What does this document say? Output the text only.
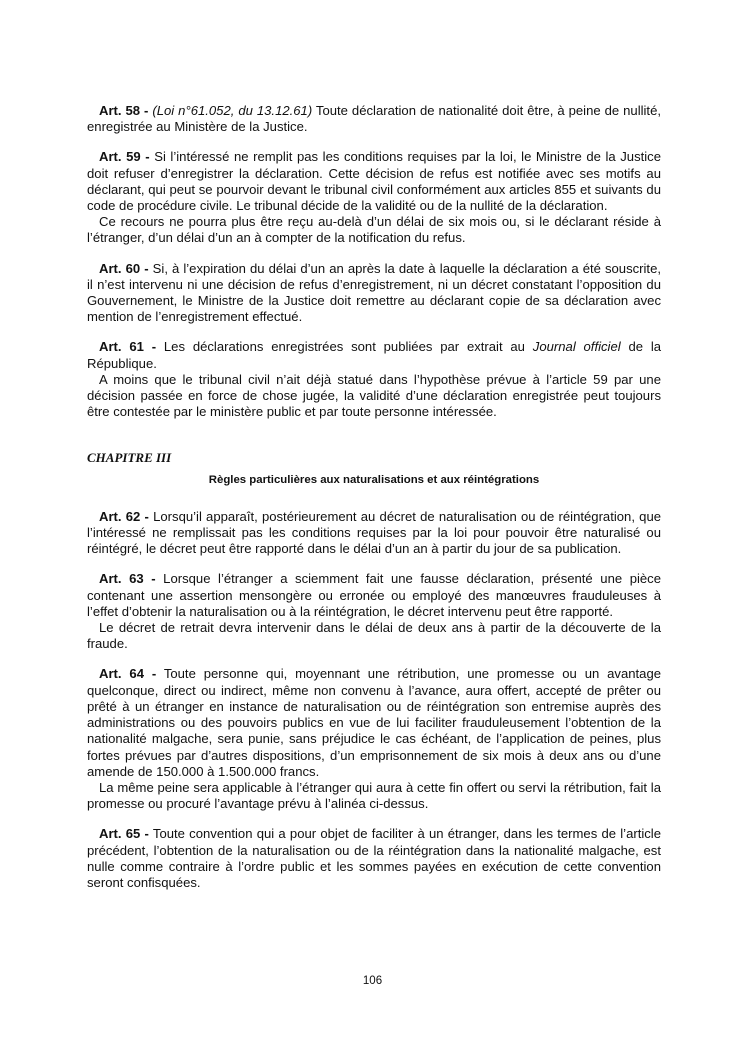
Art. 58 - (Loi n°61.052, du 13.12.61) Toute déclaration de nationalité doit être, à peine de nullité, enregistrée au Ministère de la Justice.

Art. 59 - Si l’intéressé ne remplit pas les conditions requises par la loi, le Ministre de la Justice doit refuser d’enregistrer la déclaration. Cette décision de refus est notifiée avec ses motifs au déclarant, qui peut se pourvoir devant le tribunal civil conformément aux articles 855 et suivants du code de procédure civile. Le tribunal décide de la validité ou de la nullité de la déclaration.

Ce recours ne pourra plus être reçu au-delà d’un délai de six mois ou, si le déclarant réside à l’étranger, d’un délai d’un an à compter de la notification du refus.

Art. 60 - Si, à l’expiration du délai d’un an après la date à laquelle la déclaration a été souscrite, il n’est intervenu ni une décision de refus d’enregistrement, ni un décret constatant l’opposition du Gouvernement, le Ministre de la Justice doit remettre au déclarant copie de sa déclaration avec mention de l’enregistrement effectué.

Art. 61 - Les déclarations enregistrées sont publiées par extrait au Journal officiel de la République.

A moins que le tribunal civil n’ait déjà statué dans l’hypothèse prévue à l’article 59 par une décision passée en force de chose jugée, la validité d’une déclaration enregistrée peut toujours être contestée par le ministère public et par toute personne intéressée.

CHAPITRE III
Règles particulières aux naturalisations et aux réintégrations

Art. 62 - Lorsqu’il apparaît, postérieurement au décret de naturalisation ou de réintégration, que l’intéressé ne remplissait pas les conditions requises par la loi pour pouvoir être naturalisé ou réintégré, le décret peut être rapporté dans le délai d’un an à partir du jour de sa publication.

Art. 63 - Lorsque l’étranger a sciemment fait une fausse déclaration, présenté une pièce contenant une assertion mensongère ou erronée ou employé des manœuvres frauduleuses à l’effet d’obtenir la naturalisation ou à la réintégration, le décret intervenu peut être rapporté.

Le décret de retrait devra intervenir dans le délai de deux ans à partir de la découverte de la fraude.

Art. 64 - Toute personne qui, moyennant une rétribution, une promesse ou un avantage quelconque, direct ou indirect, même non convenu à l’avance, aura offert, accepté de prêter ou prêté à un étranger en instance de naturalisation ou de réintégration son entremise auprès des administrations ou des pouvoirs publics en vue de lui faciliter frauduleusement l’obtention de la nationalité malgache, sera punie, sans préjudice le cas échéant, de l’application de peines, plus fortes prévues par d’autres dispositions, d’un emprisonnement de six mois à deux ans ou d’une amende de 150.000 à 1.500.000 francs.

La même peine sera applicable à l’étranger qui aura à cette fin offert ou servi la rétribution, fait la promesse ou procuré l’avantage prévu à l’alinéa ci-dessus.

Art. 65 - Toute convention qui a pour objet de faciliter à un étranger, dans les termes de l’article précédent, l’obtention de la naturalisation ou de la réintégration dans la nationalité malgache, est nulle comme contraire à l’ordre public et les sommes payées en exécution de cette convention seront confisquées.

106
